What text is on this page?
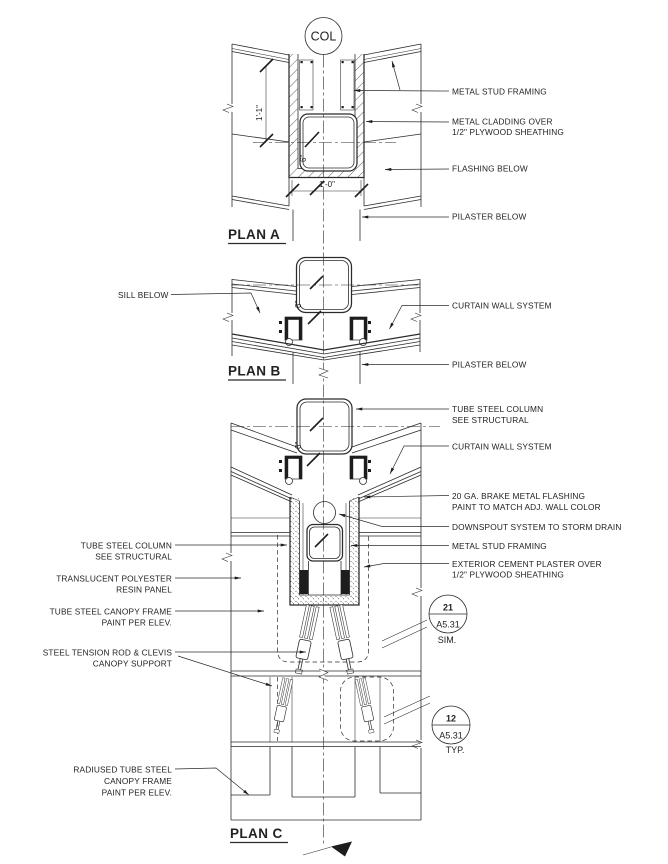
1'-1"
6"
1'-0"
PLAN A
METAL STUD FRAMING
METAL CLADDING OVER
1/2" PLYWOOD SHEATHING
FLASHING BELOW
PILASTER BELOW
6"
PLAN B
SILL BELOW
CURTAIN WALL SYSTEM
PILASTER BELOW
6"
PLAN C
TUBE STEEL COLUMN
SEE STRUCTURAL
TRANSLUCENT POLYESTER
RESIN PANEL
TUBE STEEL CANOPY FRAME
PAINT PER ELEV.
STEEL TENSION ROD & CLEVIS
CANOPY SUPPORT
RADIUSED TUBE STEEL
CANOPY FRAME
PAINT PER ELEV.
TUBE STEEL COLUMN
SEE STRUCTURAL
CURTAIN WALL SYSTEM
20 GA. BRAKE METAL FLASHING
PAINT TO MATCH ADJ. WALL COLOR
DOWNSPOUT SYSTEM TO STORM DRAIN
METAL STUD FRAMING
EXTERIOR CEMENT PLASTER OVER
1/2" PLYWOOD SHEATHING
21
A5.31
SIM.
12
A5.31
TYP.
COL
